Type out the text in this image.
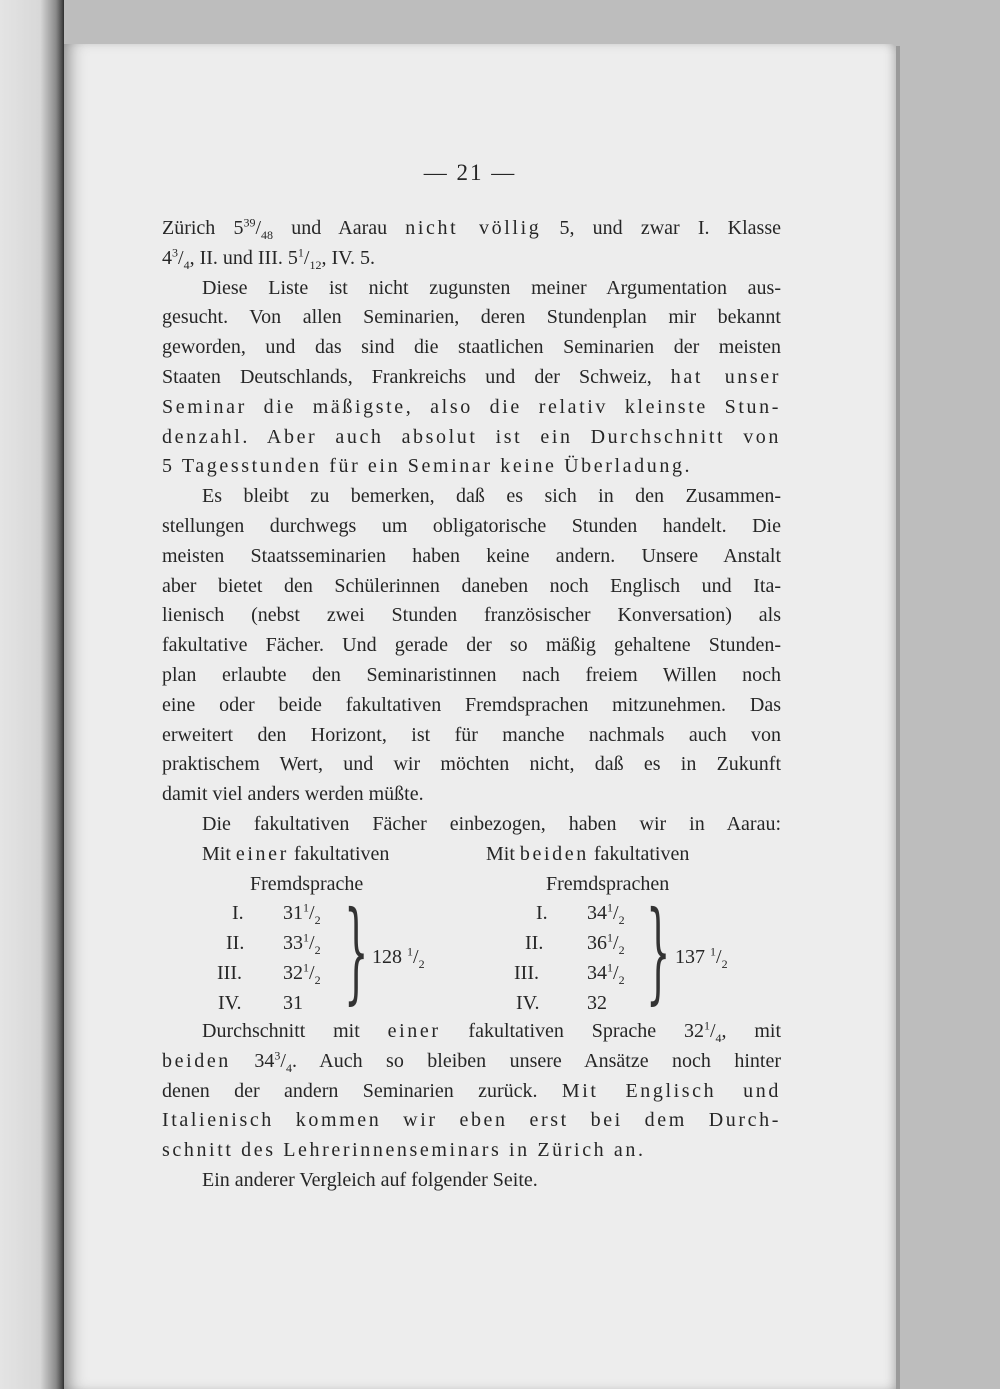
— 21 —
Zürich $5^{39}/_{48}$ und Aarau nicht völlig 5, und zwar I. Klasse
$4^3/_4$, II. und III. $5^1/_{12}$, IV. 5.
Diese Liste ist nicht zugunsten meiner Argumentation aus-
gesucht. Von allen Seminarien, deren Stundenplan mir bekannt
geworden, und das sind die staatlichen Seminarien der meisten
Staaten Deutschlands, Frankreichs und der Schweiz, hat unser
Seminar die mäßigste, also die relativ kleinste Stun-
denzahl. Aber auch absolut ist ein Durchschnitt von
5 Tagesstunden für ein Seminar keine Überladung.
Es bleibt zu bemerken, daß es sich in den Zusammen-
stellungen durchwegs um obligatorische Stunden handelt. Die
meisten Staatsseminarien haben keine andern. Unsere Anstalt
aber bietet den Schülerinnen daneben noch Englisch und Ita-
lienisch (nebst zwei Stunden französischer Konversation) als
fakultative Fächer. Und gerade der so mäßig gehaltene Stunden-
plan erlaubte den Seminaristinnen nach freiem Willen noch
eine oder beide fakultativen Fremdsprachen mitzunehmen. Das
erweitert den Horizont, ist für manche nachmals auch von
praktischem Wert, und wir möchten nicht, daß es in Zukunft
damit viel anders werden müßte.
Die fakultativen Fächer einbezogen, haben wir in Aarau:
Mit einer fakultativen
Fremdsprache
Mit beiden fakultativen
Fremdsprachen
I. $31^1/_2$
II. $33^1/_2$
III. $32^1/_2$
IV. 31 } 128 $^1/_2$
I. $34^1/_2$
II. $36^1/_2$
III. $34^1/_2$
IV. 32 } 137 $^1/_2$
Durchschnitt mit einer fakultativen Sprache $32^1/_4$, mit
beiden $34^3/_4$. Auch so bleiben unsere Ansätze noch hinter
denen der andern Seminarien zurück. Mit Englisch und
Italienisch kommen wir eben erst bei dem Durch-
schnitt des Lehrerinnenseminars in Zürich an.
Ein anderer Vergleich auf folgender Seite.
